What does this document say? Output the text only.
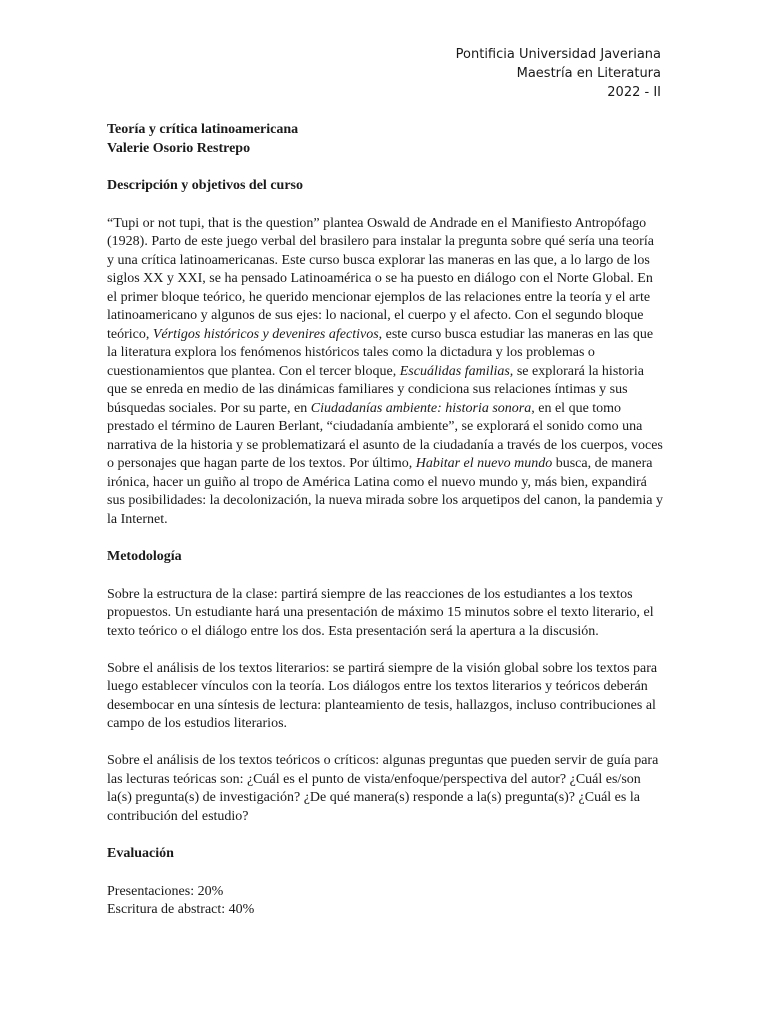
Pontificia Universidad Javeriana
Maestría en Literatura
2022 - II
Teoría y crítica latinoamericana
Valerie Osorio Restrepo
Descripción y objetivos del curso

“Tupi or not tupi, that is the question” plantea Oswald de Andrade en el Manifiesto Antropófago (1928). Parto de este juego verbal del brasilero para instalar la pregunta sobre qué sería una teoría y una crítica latinoamericanas. Este curso busca explorar las maneras en las que, a lo largo de los siglos XX y XXI, se ha pensado Latinoamérica o se ha puesto en diálogo con el Norte Global. En el primer bloque teórico, he querido mencionar ejemplos de las relaciones entre la teoría y el arte latinoamericano y algunos de sus ejes: lo nacional, el cuerpo y el afecto. Con el segundo bloque teórico, Vértigos históricos y devenires afectivos, este curso busca estudiar las maneras en las que la literatura explora los fenómenos históricos tales como la dictadura y los problemas o cuestionamientos que plantea. Con el tercer bloque, Escuálidas familias, se explorará la historia que se enreda en medio de las dinámicas familiares y condiciona sus relaciones íntimas y sus búsquedas sociales. Por su parte, en Ciudadanías ambiente: historia sonora, en el que tomo prestado el término de Lauren Berlant, “ciudadanía ambiente”, se explorará el sonido como una narrativa de la historia y se problematizará el asunto de la ciudadanía a través de los cuerpos, voces o personajes que hagan parte de los textos. Por último, Habitar el nuevo mundo busca, de manera irónica, hacer un guiño al tropo de América Latina como el nuevo mundo y, más bien, expandirá sus posibilidades: la decolonización, la nueva mirada sobre los arquetipos del canon, la pandemia y la Internet.

Metodología

Sobre la estructura de la clase: partirá siempre de las reacciones de los estudiantes a los textos propuestos. Un estudiante hará una presentación de máximo 15 minutos sobre el texto literario, el texto teórico o el diálogo entre los dos. Esta presentación será la apertura a la discusión.

Sobre el análisis de los textos literarios: se partirá siempre de la visión global sobre los textos para luego establecer vínculos con la teoría. Los diálogos entre los textos literarios y teóricos deberán desembocar en una síntesis de lectura: planteamiento de tesis, hallazgos, incluso contribuciones al campo de los estudios literarios.

Sobre el análisis de los textos teóricos o críticos: algunas preguntas que pueden servir de guía para las lecturas teóricas son: ¿Cuál es el punto de vista/enfoque/perspectiva del autor? ¿Cuál es/son la(s) pregunta(s) de investigación? ¿De qué manera(s) responde a la(s) pregunta(s)? ¿Cuál es la contribución del estudio?

Evaluación
Presentaciones: 20%
Escritura de abstract: 40%
